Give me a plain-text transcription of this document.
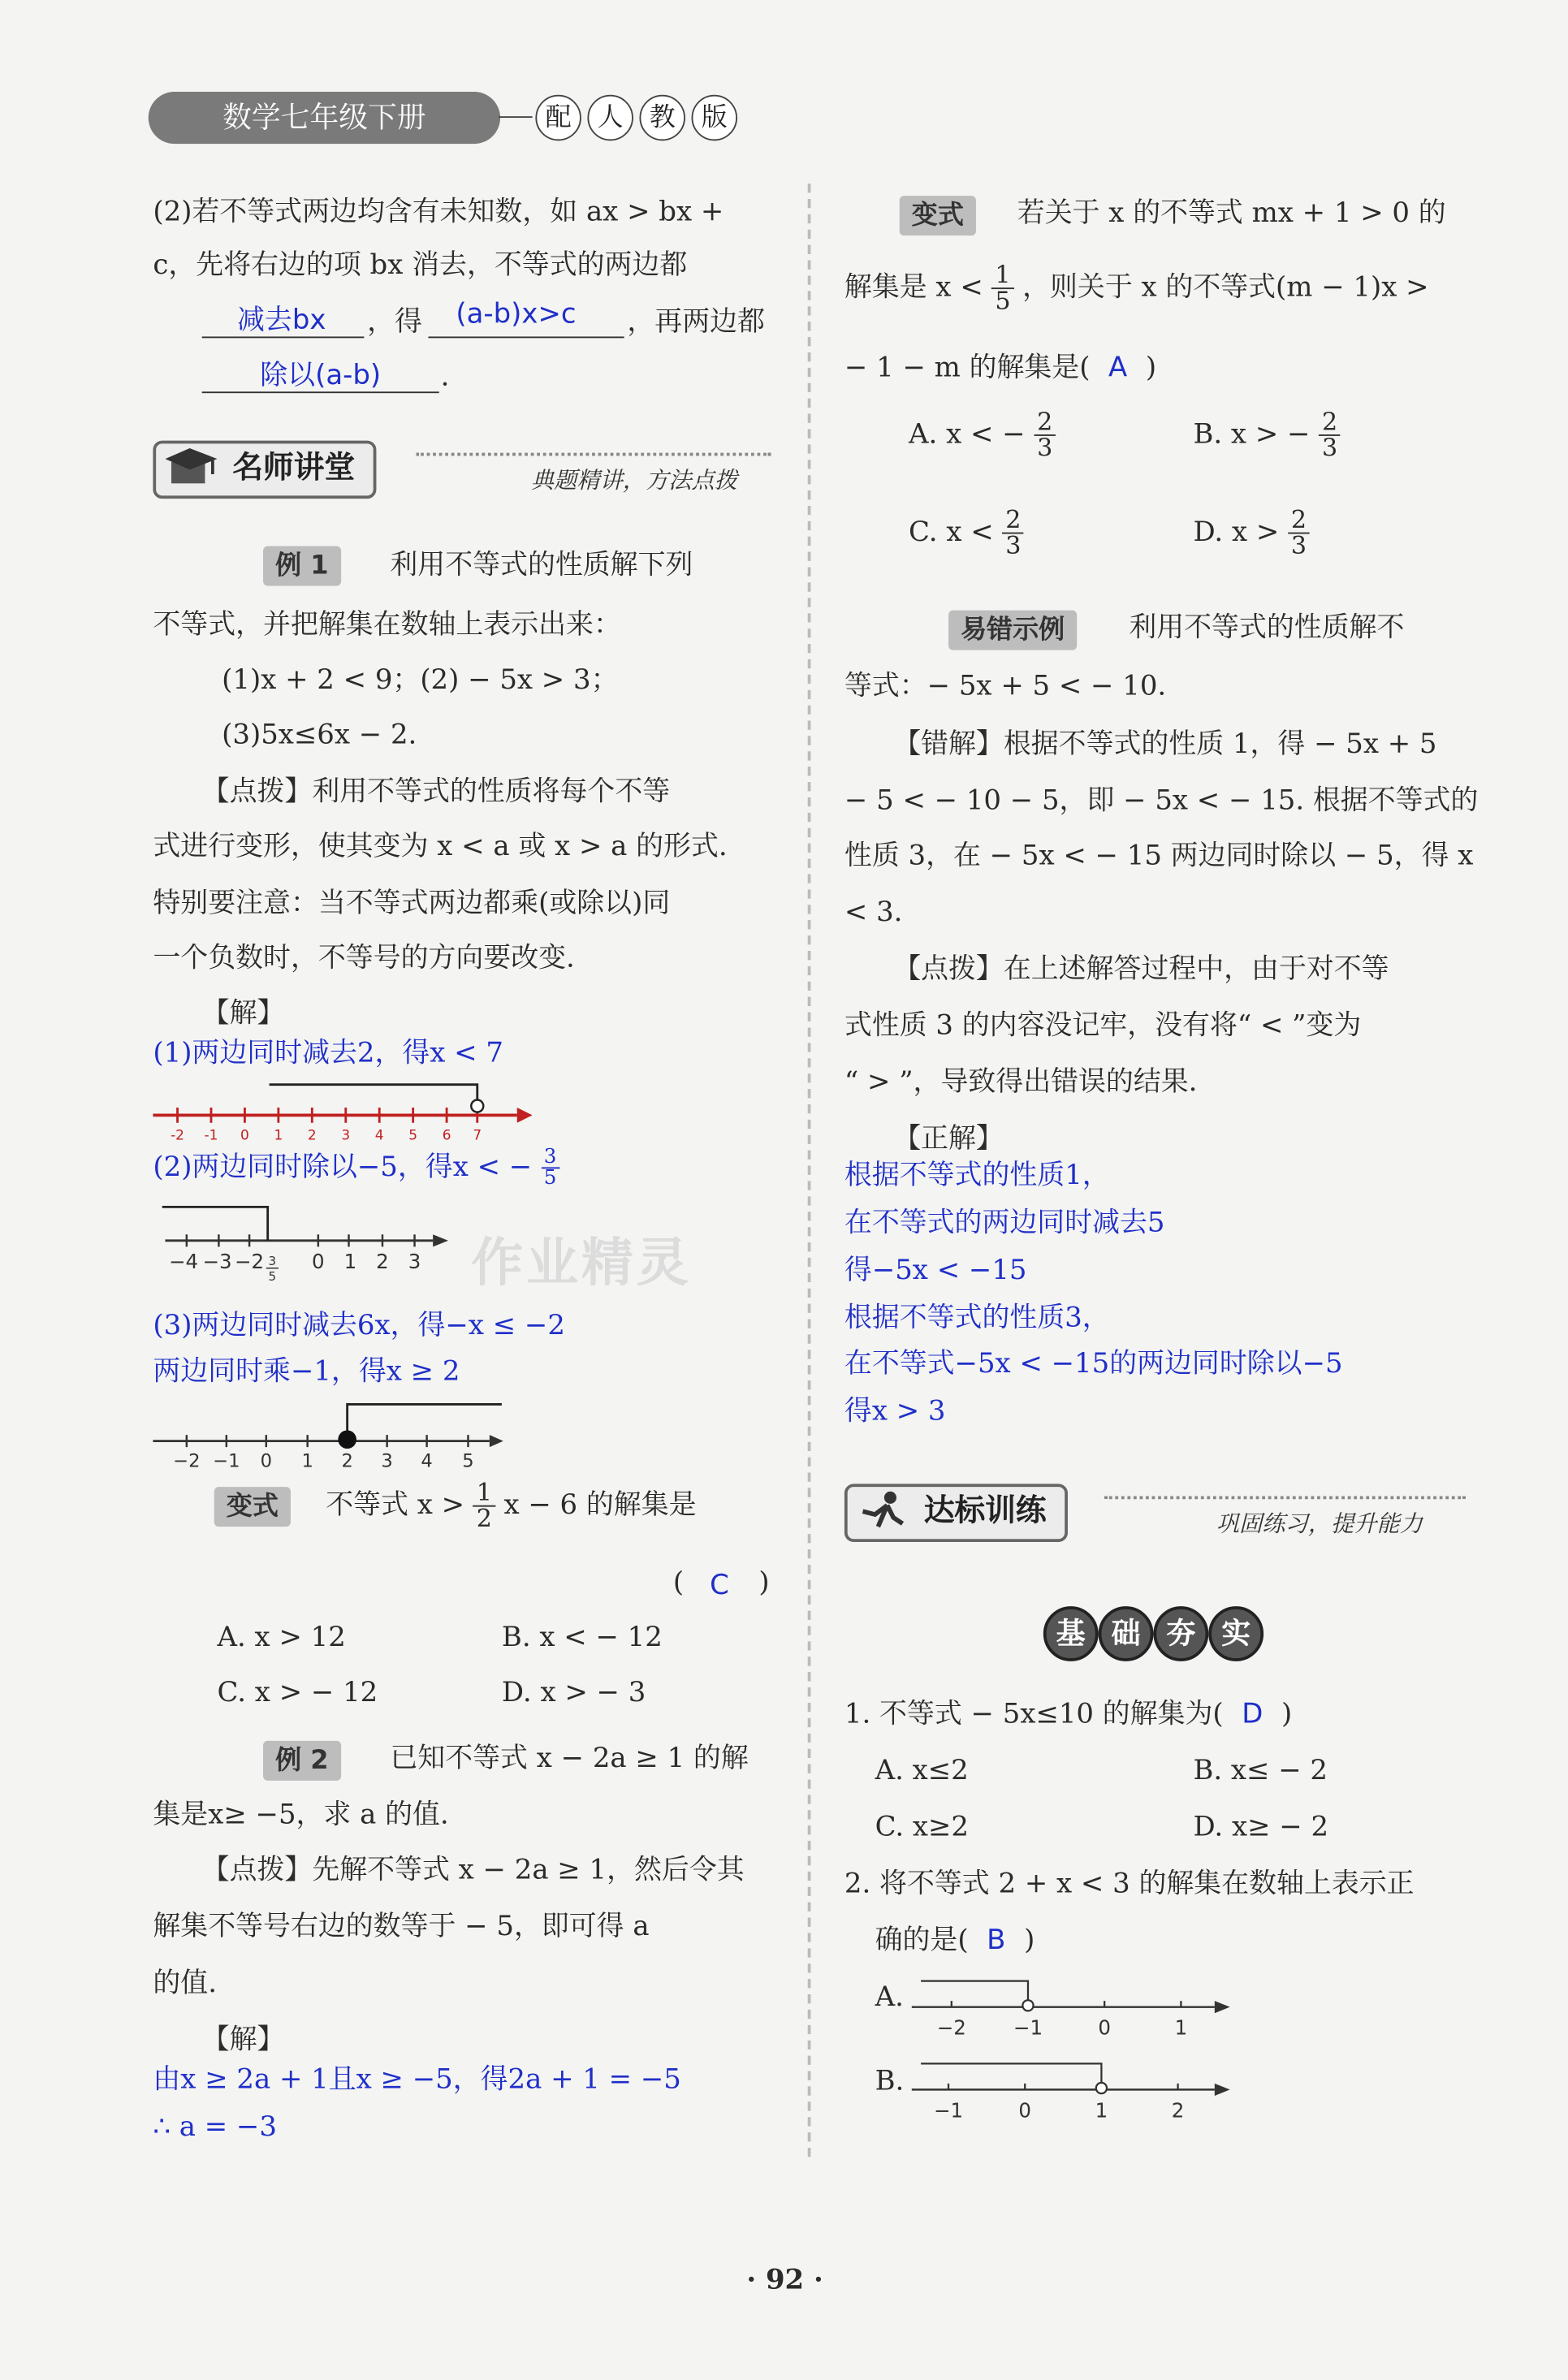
数学七年级下册	配	人	教	版
(2)若不等式两边均含有未知数，如 ax > bx +
c，先将右边的项 bx 消去，不等式的两边都
减去bx	，得 (a-b)x>c	，再两边都
除以(a-b)	.
名师讲堂	典题精讲，方法点拨
例 1	利用不等式的性质解下列
不等式，并把解集在数轴上表示出来：
(1)x + 2 < 9；(2) − 5x > 3；
(3)5x≤6x − 2.
【点拨】利用不等式的性质将每个不等
式进行变形，使其变为 x < a 或 x > a 的形式.
特别要注意：当不等式两边都乘(或除以)同
一个负数时，不等号的方向要改变.
【解】
(1)两边同时减去2，得x < 7
-2	-1	0	1	2	3	4	5	6	7
(2)两边同时除以−5，得x < − $\frac{3}{5}$
−4 −3 −2	0 1 2 3
3
5	作业精灵
(3)两边同时减去6x，得−x ≤ −2
两边同时乘−1，得x ≥ 2
−2 −1 0	1	2	3	4	5
变式	不等式 $x > \frac{1}{2}$ x − 6 的解集是
( C )
A. x > 12	B. x < − 12
C. x > − 12	D. x > − 3
例 2	已知不等式 x − 2a ≥ 1 的解
集是x≥ −5，求 a 的值.
【点拨】先解不等式 x − 2a ≥ 1，然后令其
解集不等号右边的数等于 − 5，即可得 a
的值.
【解】
由x ≥ 2a + 1且x ≥ −5，得2a + 1 = −5
∴ a = −3
变式	若关于 x 的不等式 mx + 1 > 0 的
解集是 $x < \frac{1}{5}$ ，则关于 x 的不等式(m − 1)x >
− 1 − m 的解集是( A )
A. x < − $\frac{2}{3}$	B. x > − $\frac{2}{3}$
C. $x < \frac{2}{3}$	D. $x > \frac{2}{3}$
易错示例	利用不等式的性质解不
等式：− 5x + 5 < − 10.
【错解】根据不等式的性质 1，得 − 5x + 5
− 5 < − 10 − 5，即 − 5x < − 15. 根据不等式的
性质 3，在 − 5x < − 15 两边同时除以 − 5，得 x
< 3.
【点拨】在上述解答过程中，由于对不等
式性质 3 的内容没记牢，没有将“ < ”变为
“ > ”，导致得出错误的结果.
【正解】
根据不等式的性质1，
在不等式的两边同时减去5
得−5x < −15
根据不等式的性质3，
在不等式−5x < −15的两边同时除以−5
得x > 3
达标训练	巩固练习，提升能力
基	础	夯	实
1. 不等式 − 5x≤10 的解集为( D )
A. x≤2	B. x≤ − 2
C. x≥2	D. x≥ − 2
2. 将不等式 2 + x < 3 的解集在数轴上表示正
确的是( B )
A.
−2	−1	0	1
B.
−1	0	1	2
· 92 ·
